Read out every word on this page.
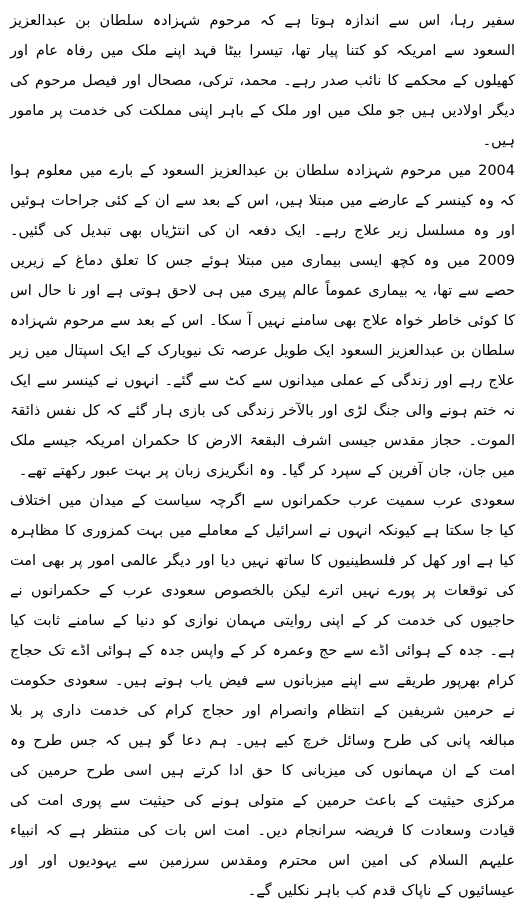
سفیر رہا، اس سے اندازہ ہوتا ہے کہ مرحوم شہزادہ سلطان بن عبدالعزیز السعود سے امریکہ کو کتنا پیار تھا، تیسرا بیٹا فہد اپنے ملک میں رفاہ عام اور کھیلوں کے محکمے کا نائب صدر رہے۔ محمد، ترکی، مصحال اور فیصل مرحوم کی دیگر اولادیں ہیں جو ملک میں اور ملک کے باہر اپنی مملکت کی خدمت پر مامور ہیں۔

2004 میں مرحوم شہزادہ سلطان بن عبدالعزیز السعود کے بارے میں معلوم ہوا کہ وہ کینسر کے عارضے میں مبتلا ہیں، اس کے بعد سے ان کے کئی جراحات ہوئیں اور وہ مسلسل زیر علاج رہے۔ ایک دفعہ ان کی انتڑیاں بھی تبدیل کی گئیں۔ 2009 میں وہ کچھ ایسی بیماری میں مبتلا ہوئے جس کا تعلق دماغ کے زیریں حصے سے تھا، یہ بیماری عموماً عالم پیری میں ہی لاحق ہوتی ہے اور نا حال اس کا کوئی خاطر خواہ علاج بھی سامنے نہیں آ سکا۔ اس کے بعد سے مرحوم شہزادہ سلطان بن عبدالعزیز السعود ایک طویل عرصہ تک نیویارک کے ایک اسپتال میں زیر علاج رہے اور زندگی کے عملی میدانوں سے کٹ سے گئے۔ انہوں نے کینسر سے ایک نہ ختم ہونے والی جنگ لڑی اور بالآخر زندگی کی بازی ہار گئے کہ کل نفس ذائقۃ الموت۔ حجاز مقدس جیسی اشرف البقعۃ الارض کا حکمران امریکہ جیسے ملک میں جان، جان آفرین کے سپرد کر گیا۔ وہ انگریزی زبان پر بہت عبور رکھتے تھے۔

سعودی عرب سمیت عرب حکمرانوں سے اگرچہ سیاست کے میدان میں اختلاف کیا جا سکتا ہے کیونکہ انہوں نے اسرائیل کے معاملے میں بہت کمزوری کا مظاہرہ کیا ہے اور کھل کر فلسطینیوں کا ساتھ نہیں دیا اور دیگر عالمی امور پر بھی امت کی توقعات پر پورے نہیں اترے لیکن بالخصوص سعودی عرب کے حکمرانوں نے حاجیوں کی خدمت کر کے اپنی روایتی مہمان نوازی کو دنیا کے سامنے ثابت کیا ہے۔ جدہ کے ہوائی اڈے سے حج وعمرہ کر کے واپس جدہ کے ہوائی اڈے تک حجاج کرام بھرپور طریقے سے اپنے میزبانوں سے فیض یاب ہوتے ہیں۔ سعودی حکومت نے حرمین شریفین کے انتظام وانصرام اور حجاج کرام کی خدمت داری پر بلا مبالغہ پانی کی طرح وسائل خرچ کیے ہیں۔ ہم دعا گو ہیں کہ جس طرح وہ امت کے ان مہمانوں کی میزبانی کا حق ادا کرتے ہیں اسی طرح حرمین کی مرکزی حیثیت کے باعث حرمین کے متولی ہونے کی حیثیت سے پوری امت کی قیادت وسعادت کا فریضہ سرانجام دیں۔ امت اس بات کی منتظر ہے کہ انبیاء علیہم السلام کی امین اس محترم ومقدس سرزمین سے یہودیوں اور اور عیسائیوں کے ناپاک قدم کب باہر نکلیں گے۔
